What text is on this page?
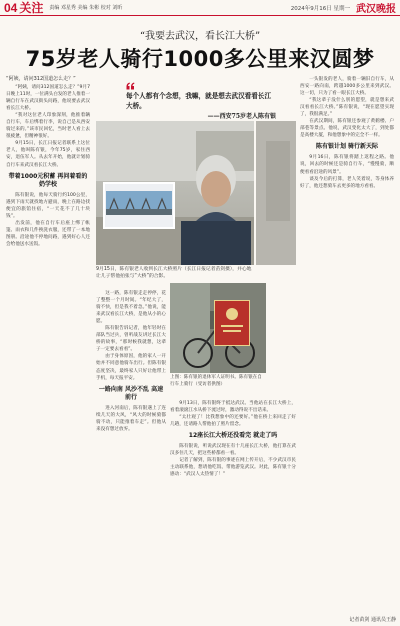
04 关注 责编 邓星秀 美编 朱彬 校对 刘昕	2024年9月16日 星期一 武汉晚报
“我要去武汉，看长江大桥”
75岁老人骑行1000多公里来汉圆梦
“阿姨，请问312国道怎么走？”
每个人都有个念想，我嘛，就是想去武汉看看长江大桥。
——西安75岁老人陈有银
9月15日，陈有银老人收到长江大桥照片（长江日报记者苗剑摄），并心地让儿子帮他拍张与“大桥”的合影。
上图：陈有银的退休军人证明书。陈有银在自行车上骑行（受访者供图）

“阿姨，请问312国道怎么走？”9月7日晚上11时，一位满头白发的老人推着一辆自行车在武汉街头问路，他说要去武汉看长江大桥。

“我对这位老人印象深刻，他推着辆自行车，车后绑着行李，说自己是从西安骑过来的。”该市民回忆，当时老人看上去很疲惫，但精神很好。

9月15日，长江日报记者联系上这位老人，他叫陈有银，今年75岁，家住西安，退伍军人。从去年开始，他就计划骑自行车来武汉看长江大桥。

带着1000元积蓄 再问着看的奶学校

陈有银说，他每天骑行约100公里，遇到下雨天就找地方避雨，晚上在路边找便宜的旅馆住宿，“一天花不了几十块钱”。

出发前，他在自行车后座上绑了帐篷、雨衣和几件换洗衣服，还带了一本地图册。沿途他不停地问路，遇到好心人还会给他送水送饭。

这一路，陈有银走走停停，花了整整一个月时间。“年纪大了，骑不快，但是我不着急。”他说，能来武汉看长江大桥，是他从小的心愿。

陈有银告诉记者，他年轻时在部队当过兵，曾听战友讲过长江大桥的故事，“那时候我就想，这辈子一定要去看看”。

由于身体原因，他的家人一开始并不同意他骑车出行。但陈有银态度坚决，最终家人只好让他带上手机，每天报平安。

一路向南 风沙不乱 高速前行

进入河南后，陈有银遇上了连续几天的大风，“风大的时候骑都骑不动，只能推着车走”。但他从来没有想过放弃。

9月13日，陈有银终于抵达武汉。当他站在长江大桥上，看着滚滚江水从桥下流过时，激动得说不出话来。

“太壮观了！比我想象中的还要好。”他在桥上来回走了好几趟，还请路人帮他拍了照片留念。

12座长江大桥还没看完 就走了吗

陈有银说，听说武汉现在有十几座长江大桥，他打算在武汉多住几天，把这些桥都看一看。

记者了解到，陈有银的事迹在网上传开后，不少武汉市民主动联系他，想请他吃饭、带他游览武汉。对此，陈有银十分感动：“武汉人太热情了！”

一头银发的老人，骑着一辆旧自行车，从西安一路向南，跨越1000多公里来到武汉。这一切，只为了看一眼长江大桥。

“我这辈子没什么别的愿望，就是想来武汉看看长江大桥。”陈有银说，“现在愿望实现了，我很满足。”

在武汉期间，陈有银还参观了黄鹤楼、户部巷等景点。他说，武汉变化太大了，到处都是高楼大厦，和他想象中的完全不一样。

陈有银计划 骑行新天际

9月16日，陈有银将踏上返程之路。他说，回去的时候还是骑自行车，“慢慢骑，顺便看看沿途的风景”。

谈及今后的打算，老人笑着说，等身体养好了，他还想骑车去更多的地方看看。

记者苗剑 通讯员王静
